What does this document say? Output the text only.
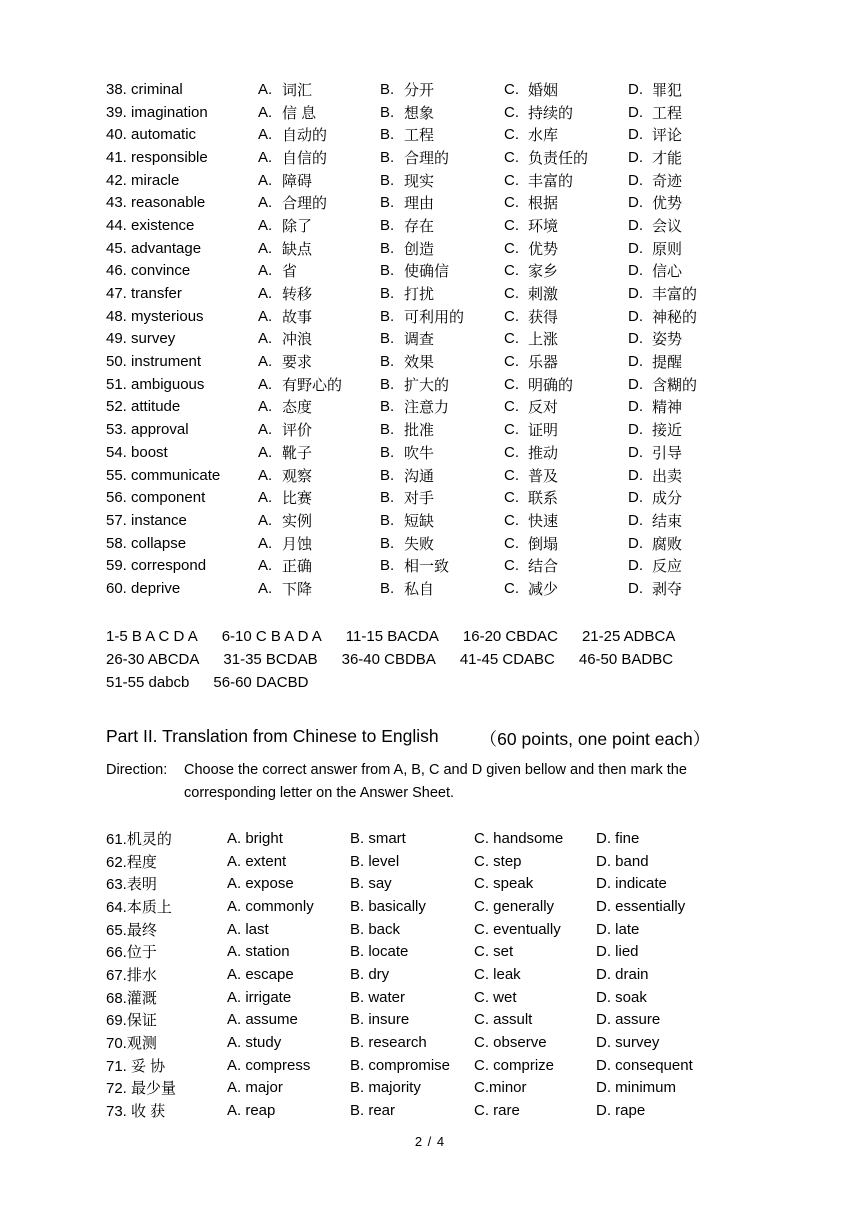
38. criminal	A. 词汇	B. 分开	C. 婚姻	D. 罪犯
39. imagination	A. 信 息	B. 想象	C. 持续的	D. 工程
40. automatic	A. 自动的	B. 工程	C. 水库	D. 评论
41. responsible	A. 自信的	B. 合理的	C. 负责任的	D. 才能
42. miracle	A. 障碍	B. 现实	C. 丰富的	D. 奇迹
43. reasonable	A. 合理的	B. 理由	C. 根据	D. 优势
44. existence	A. 除了	B. 存在	C. 环境	D. 会议
45. advantage	A. 缺点	B. 创造	C. 优势	D. 原则
46. convince	A. 省	B. 使确信	C. 家乡	D. 信心
47. transfer	A. 转移	B. 打扰	C. 刺激	D. 丰富的
48. mysterious	A. 故事	B. 可利用的	C. 获得	D. 神秘的
49. survey	A. 冲浪	B. 调查	C. 上涨	D. 姿势
50. instrument	A. 要求	B. 效果	C. 乐器	D. 提醒
51. ambiguous	A. 有野心的	B. 扩大的	C. 明确的	D. 含糊的
52. attitude	A. 态度	B. 注意力	C. 反对	D. 精神
53. approval	A. 评价	B. 批准	C. 证明	D. 接近
54. boost	A. 靴子	B. 吹牛	C. 推动	D. 引导
55. communicate	A. 观察	B. 沟通	C. 普及	D. 出卖
56. component	A. 比赛	B. 对手	C. 联系	D. 成分
57. instance	A. 实例	B. 短缺	C. 快速	D. 结束
58. collapse	A. 月蚀	B. 失败	C. 倒塌	D. 腐败
59. correspond	A. 正确	B. 相一致	C. 结合	D. 反应
60. deprive	A. 下降	B. 私自	C. 减少	D. 剥夺
1-5 B A C D A 6-10 C B A D A 11-15 BACDA 16-20 CBDAC 21-25 ADBCA
26-30 ABCDA 31-35 BCDAB 36-40 CBDBA 41-45 CDABC 46-50 BADBC
51-55 dabcb 56-60 DACBD
Part II. Translation from Chinese to English （60 points, one point each）
Direction:	Choose the correct answer from A, B, C and D given bellow and then mark the
corresponding letter on the Answer Sheet.
61.机灵的	A. bright	B. smart	C. handsome	D. fine
62.程度	A. extent	B. level	C. step	D. band
63.表明	A. expose	B. say	C. speak	D. indicate
64.本质上	A. commonly	B. basically	C. generally	D. essentially
65.最终	A. last	B. back	C. eventually	D. late
66.位于	A. station	B. locate	C. set	D. lied
67.排水	A. escape	B. dry	C. leak	D. drain
68.灌溉	A. irrigate	B. water	C. wet	D. soak
69.保证	A. assume	B. insure	C. assult	D. assure
70.观测	A. study	B. research	C. observe	D. survey
71. 妥 协	A. compress	B. compromise	C. comprize	D. consequent
72. 最少量	A. major	B. majority	C.minor	D. minimum
73. 收 获	A. reap	B. rear	C. rare	D. rape
2 / 4
